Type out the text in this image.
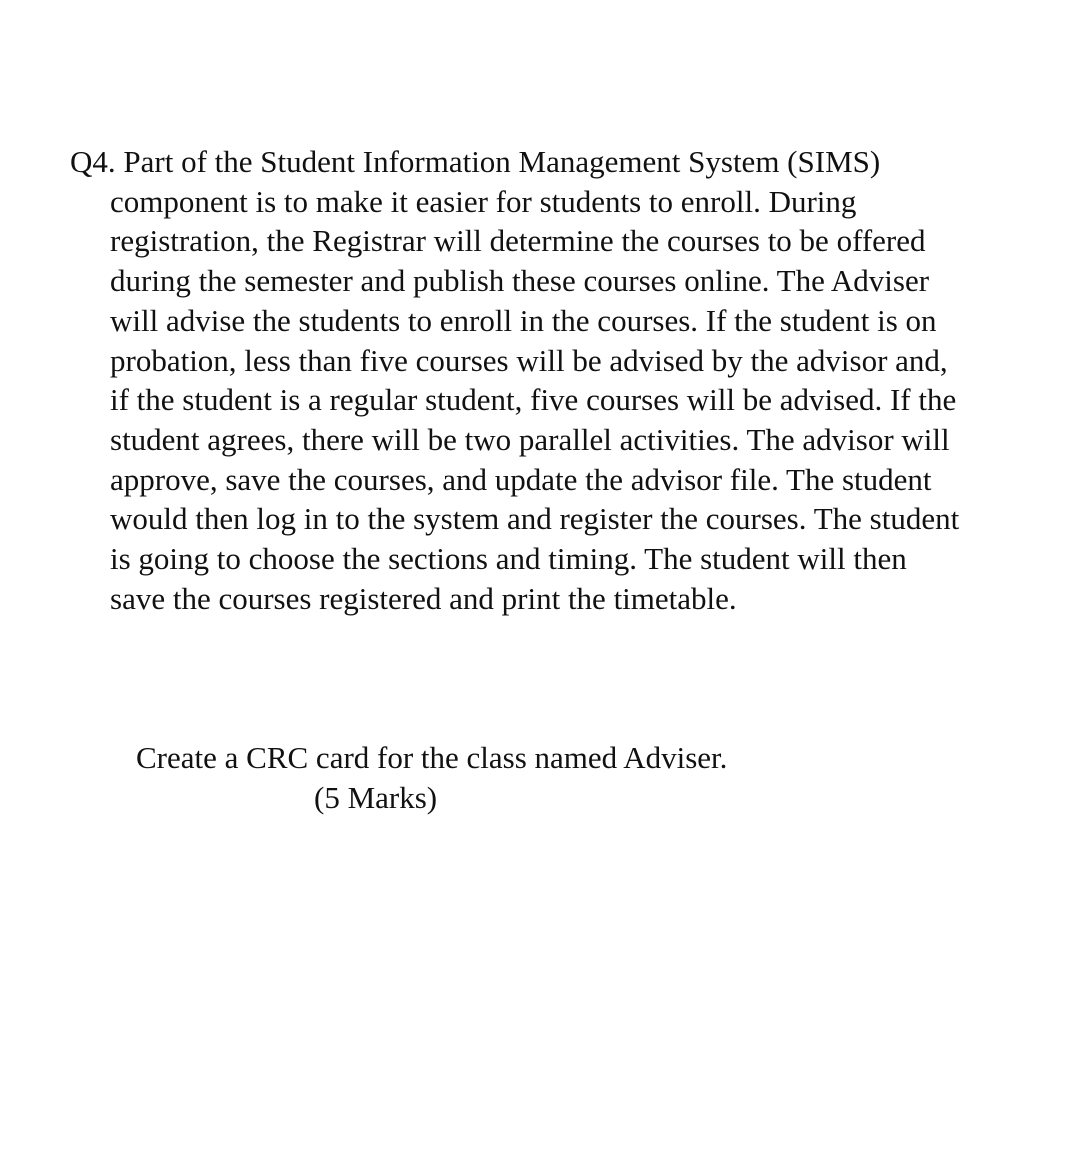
Q4. Part of the Student Information Management System (SIMS)
component is to make it easier for students to enroll. During
registration, the Registrar will determine the courses to be offered
during the semester and publish these courses online. The Adviser
will advise the students to enroll in the courses. If the student is on
probation, less than five courses will be advised by the advisor and,
if the student is a regular student, five courses will be advised. If the
student agrees, there will be two parallel activities. The advisor will
approve, save the courses, and update the advisor file. The student
would then log in to the system and register the courses. The student
is going to choose the sections and timing. The student will then
save the courses registered and print the timetable.

Create a CRC card for the class named Adviser.

(5 Marks)
